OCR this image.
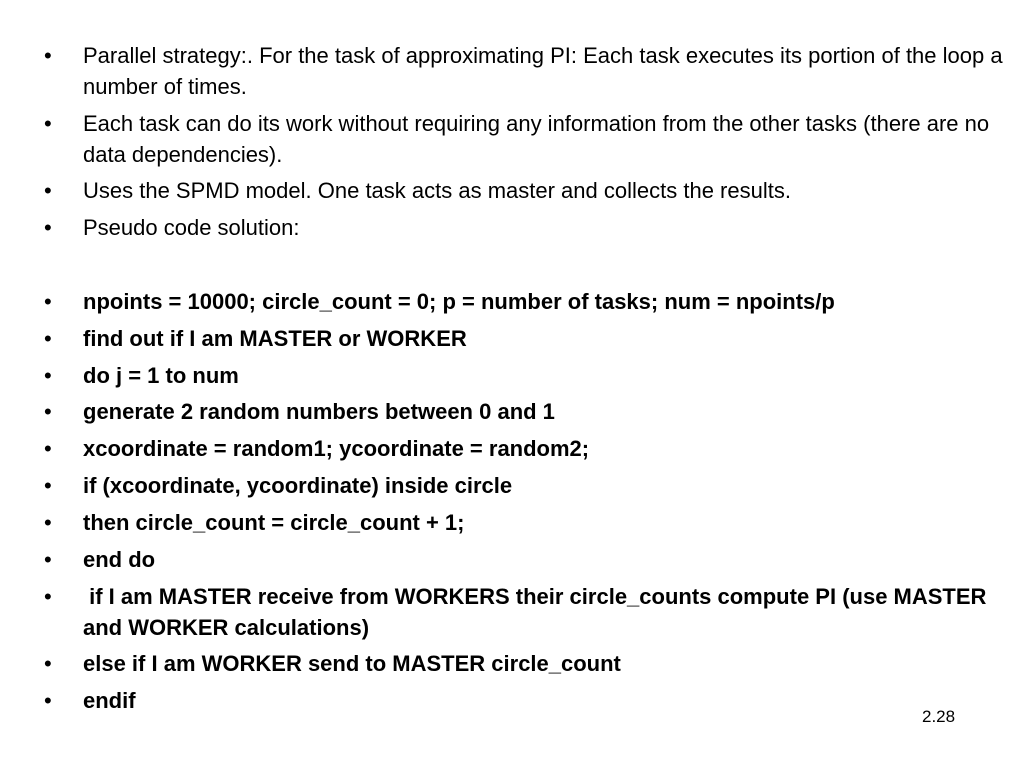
•	Parallel strategy:. For the task of approximating PI: Each task executes its portion of the loop a number of times.
•	Each task can do its work without requiring any information from the other tasks (there are no data dependencies).
•	Uses the SPMD model. One task acts as master and collects the results.
•	Pseudo code solution:
•	npoints = 10000; circle_count = 0; p = number of tasks; num = npoints/p
•	find out if I am MASTER or WORKER
•	do j = 1 to num
•	generate 2 random numbers between 0 and 1
•	xcoordinate = random1; ycoordinate = random2;
•	if (xcoordinate, ycoordinate) inside circle
•	then circle_count = circle_count + 1;
•	end do
•	if I am MASTER receive from WORKERS their circle_counts compute PI (use MASTER and WORKER calculations)
•	else if I am WORKER send to MASTER circle_count
•	endif
2.28
